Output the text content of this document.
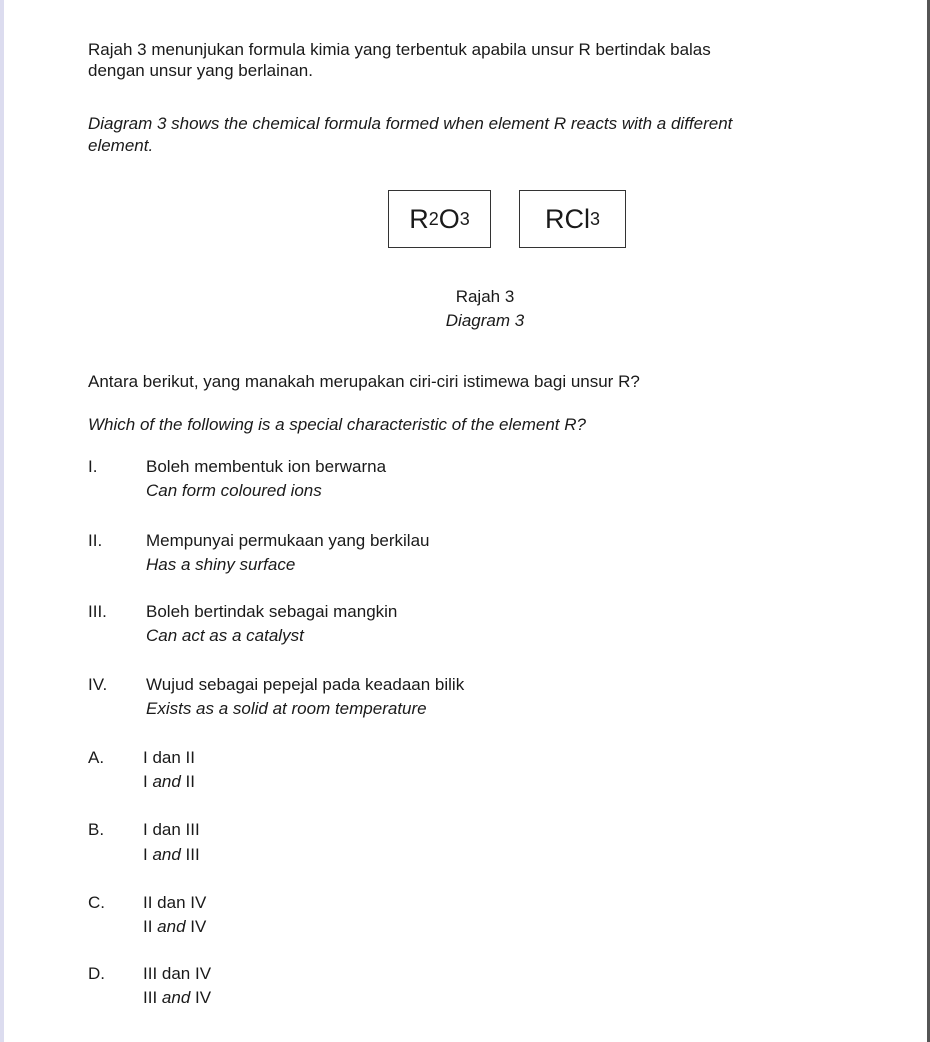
Rajah 3 menunjukan formula kimia yang terbentuk apabila unsur R bertindak balas
dengan unsur yang berlainan.
Diagram 3 shows the chemical formula formed when element R reacts with a different
element.
R 2 O 3	RCl 3
Rajah 3
Diagram 3
Antara berikut, yang manakah merupakan ciri-ciri istimewa bagi unsur R?
Which of the following is a special characteristic of the element R?
I.	Boleh membentuk ion berwarna
Can form coloured ions
II.	Mempunyai permukaan yang berkilau
Has a shiny surface
III. Boleh bertindak sebagai mangkin
Can act as a catalyst
IV. Wujud sebagai pepejal pada keadaan bilik
Exists as a solid at room temperature
A. I dan II
I and II
B. I dan III
I and III
C. II dan IV
II and IV
D. III dan IV
III and IV
